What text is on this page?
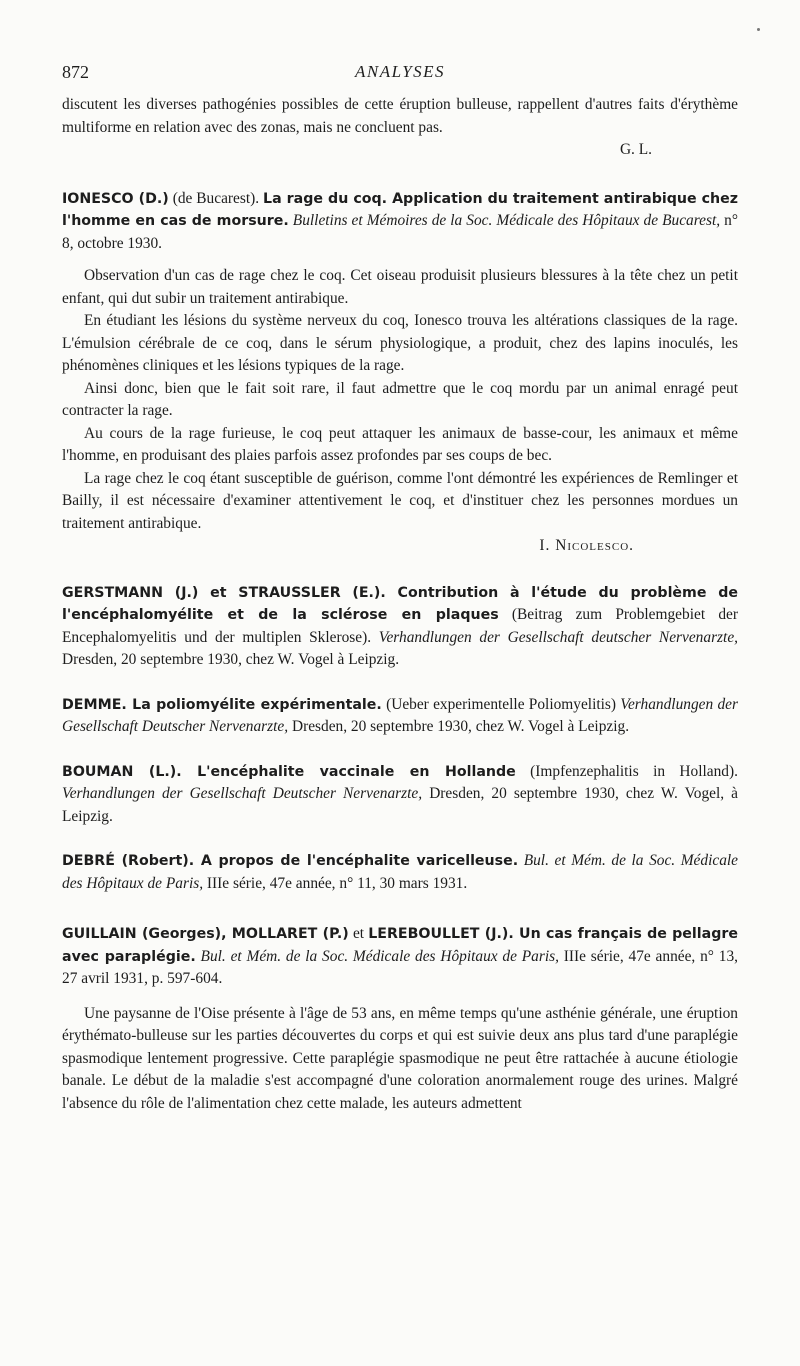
872	ANALYSES

discutent les diverses pathogénies possibles de cette éruption bulleuse, rappellent d'autres faits d'érythème multiforme en relation avec des zonas, mais ne concluent pas.

G. L.

IONESCO (D.) (de Bucarest). La rage du coq. Application du traitement antirabique chez l'homme en cas de morsure. Bulletins et Mémoires de la Soc. Médicale des Hôpitaux de Bucarest, n° 8, octobre 1930.

Observation d'un cas de rage chez le coq. Cet oiseau produisit plusieurs blessures à la tête chez un petit enfant, qui dut subir un traitement antirabique.

En étudiant les lésions du système nerveux du coq, Ionesco trouva les altérations classiques de la rage. L'émulsion cérébrale de ce coq, dans le sérum physiologique, a produit, chez des lapins inoculés, les phénomènes cliniques et les lésions typiques de la rage.

Ainsi donc, bien que le fait soit rare, il faut admettre que le coq mordu par un animal enragé peut contracter la rage.

Au cours de la rage furieuse, le coq peut attaquer les animaux de basse-cour, les animaux et même l'homme, en produisant des plaies parfois assez profondes par ses coups de bec.

La rage chez le coq étant susceptible de guérison, comme l'ont démontré les expériences de Remlinger et Bailly, il est nécessaire d'examiner attentivement le coq, et d'instituer chez les personnes mordues un traitement antirabique.

I. Nicolesco.

GERSTMANN (J.) et STRAUSSLER (E.). Contribution à l'étude du problème de l'encéphalomyélite et de la sclérose en plaques (Beitrag zum Problemgebiet der Encephalomyelitis und der multiplen Sklerose). Verhandlungen der Gesellschaft deutscher Nervenarzte, Dresden, 20 septembre 1930, chez W. Vogel à Leipzig.

DEMME. La poliomyélite expérimentale. (Ueber experimentelle Poliomyelitis) Verhandlungen der Gesellschaft Deutscher Nervenarzte, Dresden, 20 septembre 1930, chez W. Vogel à Leipzig.

BOUMAN (L.). L'encéphalite vaccinale en Hollande (Impfenzephalitis in Holland). Verhandlungen der Gesellschaft Deutscher Nervenarzte, Dresden, 20 septembre 1930, chez W. Vogel, à Leipzig.

DEBRÉ (Robert). A propos de l'encéphalite varicelleuse. Bul. et Mém. de la Soc. Médicale des Hôpitaux de Paris, IIIe série, 47e année, n° 11, 30 mars 1931.

GUILLAIN (Georges), MOLLARET (P.) et LEREBOULLET (J.). Un cas français de pellagre avec paraplégie. Bul. et Mém. de la Soc. Médicale des Hôpitaux de Paris, IIIe série, 47e année, n° 13, 27 avril 1931, p. 597-604.

Une paysanne de l'Oise présente à l'âge de 53 ans, en même temps qu'une asthénie générale, une éruption érythémato-bulleuse sur les parties découvertes du corps et qui est suivie deux ans plus tard d'une paraplégie spasmodique lentement progressive. Cette paraplégie spasmodique ne peut être rattachée à aucune étiologie banale. Le début de la maladie s'est accompagné d'une coloration anormalement rouge des urines. Malgré l'absence du rôle de l'alimentation chez cette malade, les auteurs admettent
